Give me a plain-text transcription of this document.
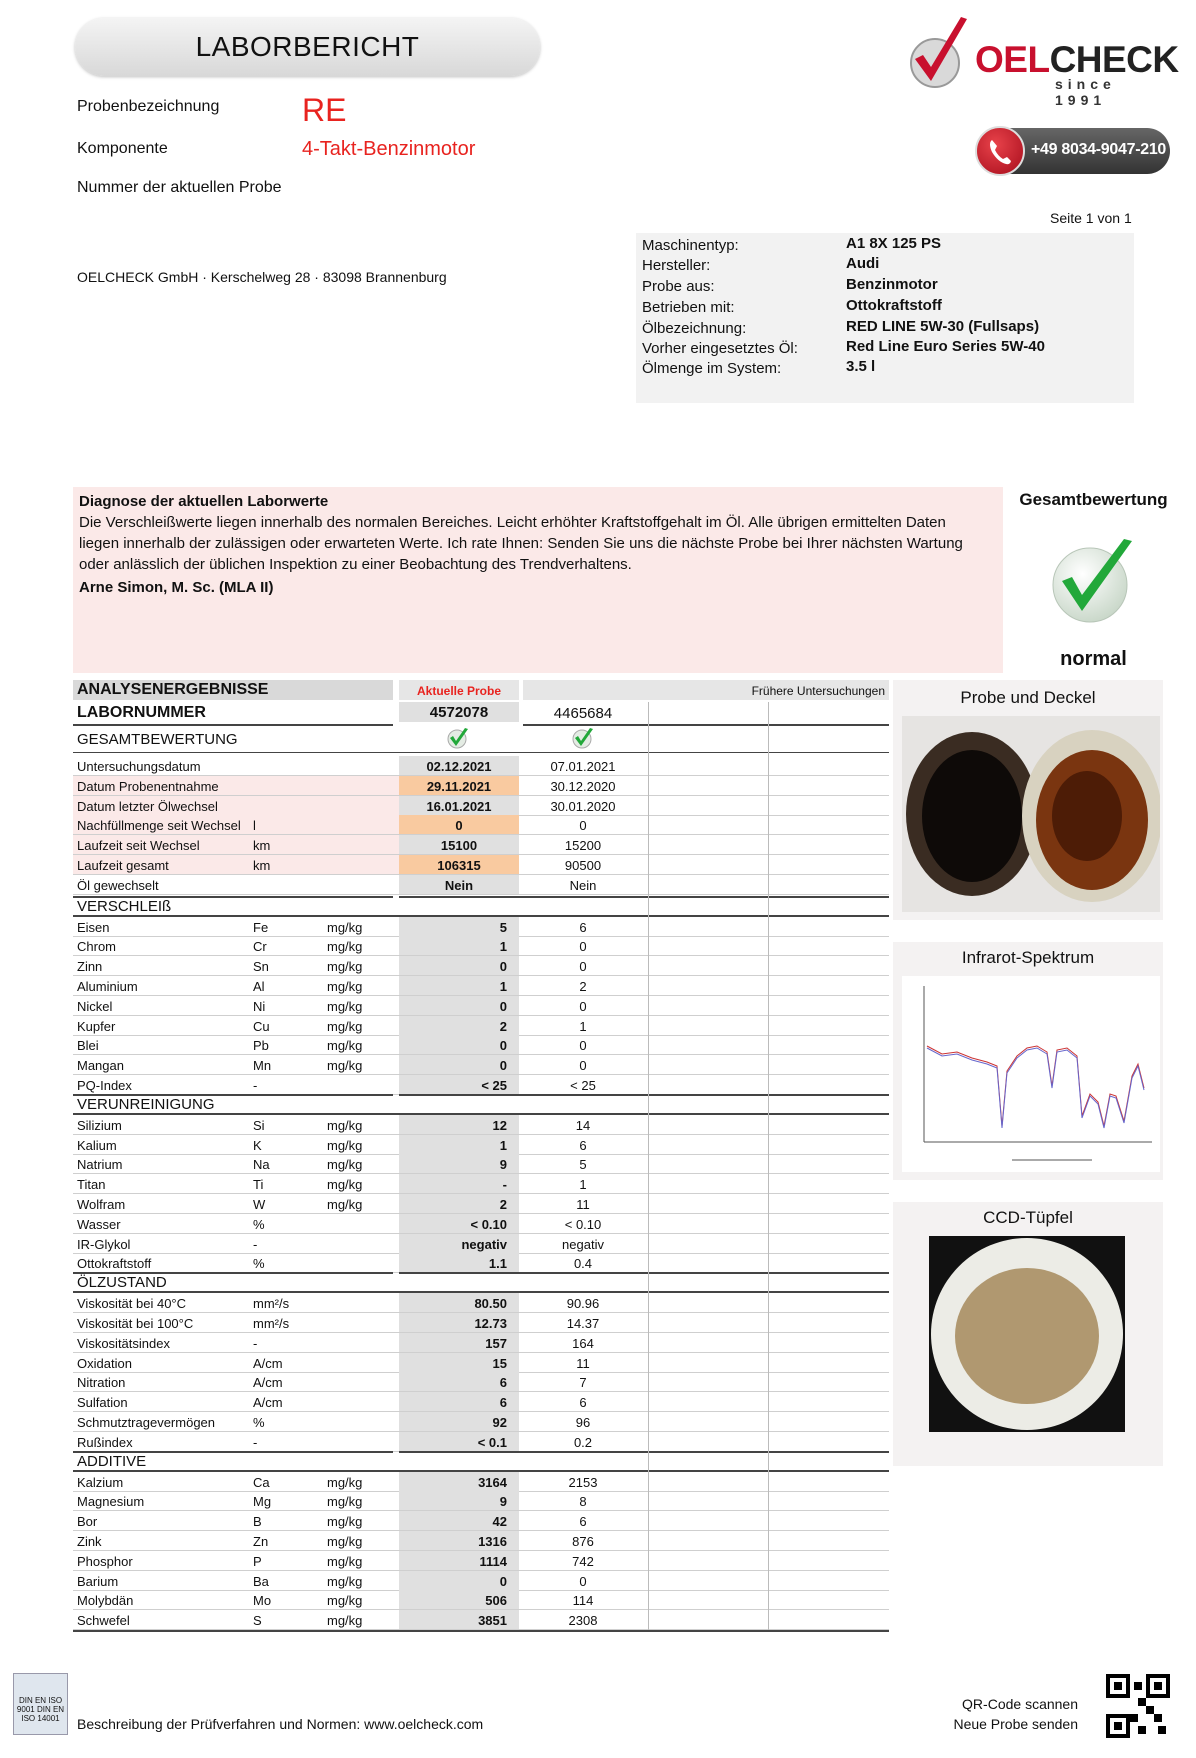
LABORBERICHT	OELCHECK
since 1991
+49 8034-9047-210
Probenbezeichnung	RE
Komponente	4-Takt-Benzinmotor
Nummer der aktuellen Probe
Seite 1 von 1
OELCHECK GmbH · Kerschelweg 28 · 83098 Brannenburg
Maschinentyp:	A1 8X 125 PS
Hersteller:	Audi
Probe aus:	Benzinmotor
Betrieben mit:	Ottokraftstoff
Ölbezeichnung:	RED LINE 5W-30 (Fullsaps)
Vorher eingesetztes Öl:	Red Line Euro Series 5W-40
Ölmenge im System:	3.5 l
Diagnose der aktuellen Laborwerte
Die Verschleißwerte liegen innerhalb des normalen Bereiches. Leicht erhöhter Kraftstoffgehalt im Öl. Alle übrigen ermittelten Daten
liegen innerhalb der zulässigen oder erwarteten Werte. Ich rate Ihnen: Senden Sie uns die nächste Probe bei Ihrer nächsten Wartung
oder anlässlich der üblichen Inspektion zu einer Beobachtung des Trendverhaltens.
Arne Simon, M. Sc. (MLA II)
Gesamtbewertung
normal
ANALYSENERGEBNISSE	Aktuelle Probe	Frühere Untersuchungen
LABORNUMMER	4572078	4465684
GESAMTBEWERTUNG
Untersuchungsdatum	02.12.2021	07.01.2021
Datum Probenentnahme	29.11.2021	30.12.2020
Datum letzter Ölwechsel	16.01.2021	30.01.2020
Nachfüllmenge seit Wechsel l	0	0
Laufzeit seit Wechsel	km	15100	15200
Laufzeit gesamt	km	106315	90500
Öl gewechselt	Nein	Nein
VERSCHLEIß
Eisen	Fe	mg/kg	5	6
Chrom	Cr	mg/kg	1	0
Zinn	Sn	mg/kg	0	0
Aluminium	Al	mg/kg	1	2
Nickel	Ni	mg/kg	0	0
Kupfer	Cu	mg/kg	2	1
Blei	Pb	mg/kg	0	0
Mangan	Mn	mg/kg	0	0
PQ-Index	-	< 25	< 25
VERUNREINIGUNG
Silizium	Si	mg/kg	12	14
Kalium	K	mg/kg	1	6
Natrium	Na	mg/kg	9	5
Titan	Ti	mg/kg	-	1
Wolfram	W	mg/kg	2	11
Wasser	%	< 0.10	< 0.10
IR-Glykol	-	negativ	negativ
Ottokraftstoff	%	1.1	0.4
ÖLZUSTAND
Viskosität bei 40°C	mm²/s	80.50	90.96
Viskosität bei 100°C	mm²/s	12.73	14.37
Viskositätsindex	-	157	164
Oxidation	A/cm	15	11
Nitration	A/cm	6	7
Sulfation	A/cm	6	6
Schmutztragevermögen	%	92	96
Rußindex	-	< 0.1	0.2
ADDITIVE
Kalzium	Ca	mg/kg	3164	2153
Magnesium	Mg	mg/kg	9	8
Bor	B	mg/kg	42	6
Zink	Zn	mg/kg	1316	876
Phosphor	P	mg/kg	1114	742
Barium	Ba	mg/kg	0	0
Molybdän	Mo	mg/kg	506	114
Schwefel	S	mg/kg	3851	2308
Probe und Deckel
Infrarot-Spektrum
CCD-Tüpfel
DIN EN ISO 9001 DIN EN ISO 14001	Beschreibung der Prüfverfahren und Normen: www.oelcheck.com
QR-Code scannen
Neue Probe senden
